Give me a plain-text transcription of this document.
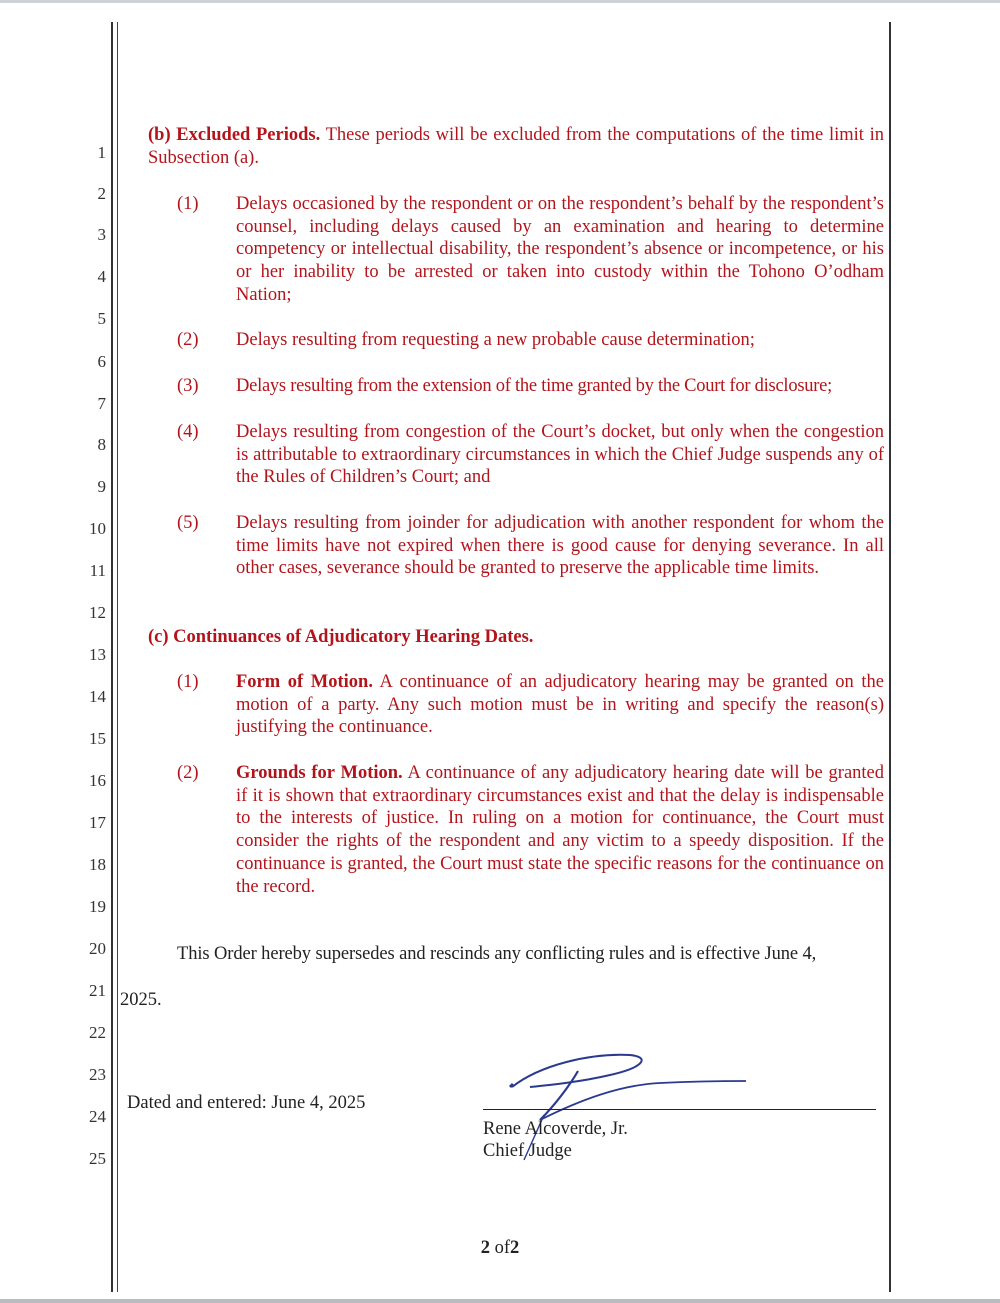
1
2
3
4
5
6
7
8
9
10
11
12
13
14
15
16
17
18
19
20
21
22
23
24
25
(b) Excluded Periods. These periods will be excluded from the computations of the time limit in Subsection (a).
(1) Delays occasioned by the respondent or on the respondent’s behalf by the respondent’s counsel, including delays caused by an examination and hearing to determine competency or intellectual disability, the respondent’s absence or incompetence, or his or her inability to be arrested or taken into custody within the Tohono O’odham Nation;
(2) Delays resulting from requesting a new probable cause determination;
(3) Delays resulting from the extension of the time granted by the Court for disclosure;
(4) Delays resulting from congestion of the Court’s docket, but only when the congestion is attributable to extraordinary circumstances in which the Chief Judge suspends any of the Rules of Children’s Court; and
(5) Delays resulting from joinder for adjudication with another respondent for whom the time limits have not expired when there is good cause for denying severance. In all other cases, severance should be granted to preserve the applicable time limits.
(c) Continuances of Adjudicatory Hearing Dates.
(1) Form of Motion. A continuance of an adjudicatory hearing may be granted on the motion of a party. Any such motion must be in writing and specify the reason(s) justifying the continuance.
(2) Grounds for Motion. A continuance of any adjudicatory hearing date will be granted if it is shown that extraordinary circumstances exist and that the delay is indispensable to the interests of justice. In ruling on a motion for continuance, the Court must consider the rights of the respondent and any victim to a speedy disposition. If the continuance is granted, the Court must state the specific reasons for the continuance on the record.
This Order hereby supersedes and rescinds any conflicting rules and is effective June 4,
2025.
Dated and entered: June 4, 2025
Rene Alcoverde, Jr.
Chief Judge
2 of2
